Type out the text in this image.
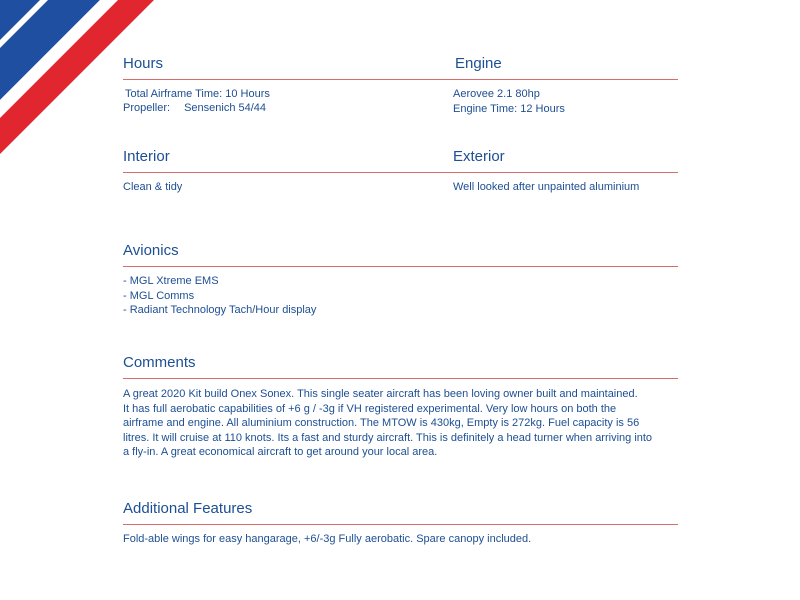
Hours
Total Airframe Time: 10 Hours
Propeller: Sensenich 54/44
Engine
Aerovee 2.1 80hp
Engine Time: 12 Hours
Interior
Clean & tidy
Exterior
Well looked after unpainted aluminium
Avionics
- MGL Xtreme EMS
- MGL Comms
- Radiant Technology Tach/Hour display
Comments
A great 2020 Kit build Onex Sonex. This single seater aircraft has been loving owner built and maintained.
It has full aerobatic capabilities of +6 g / -3g if VH registered experimental. Very low hours on both the
airframe and engine. All aluminium construction. The MTOW is 430kg, Empty is 272kg. Fuel capacity is 56
litres. It will cruise at 110 knots. Its a fast and sturdy aircraft. This is definitely a head turner when arriving into
a fly-in. A great economical aircraft to get around your local area.
Additional Features
Fold-able wings for easy hangarage, +6/-3g Fully aerobatic. Spare canopy included.
